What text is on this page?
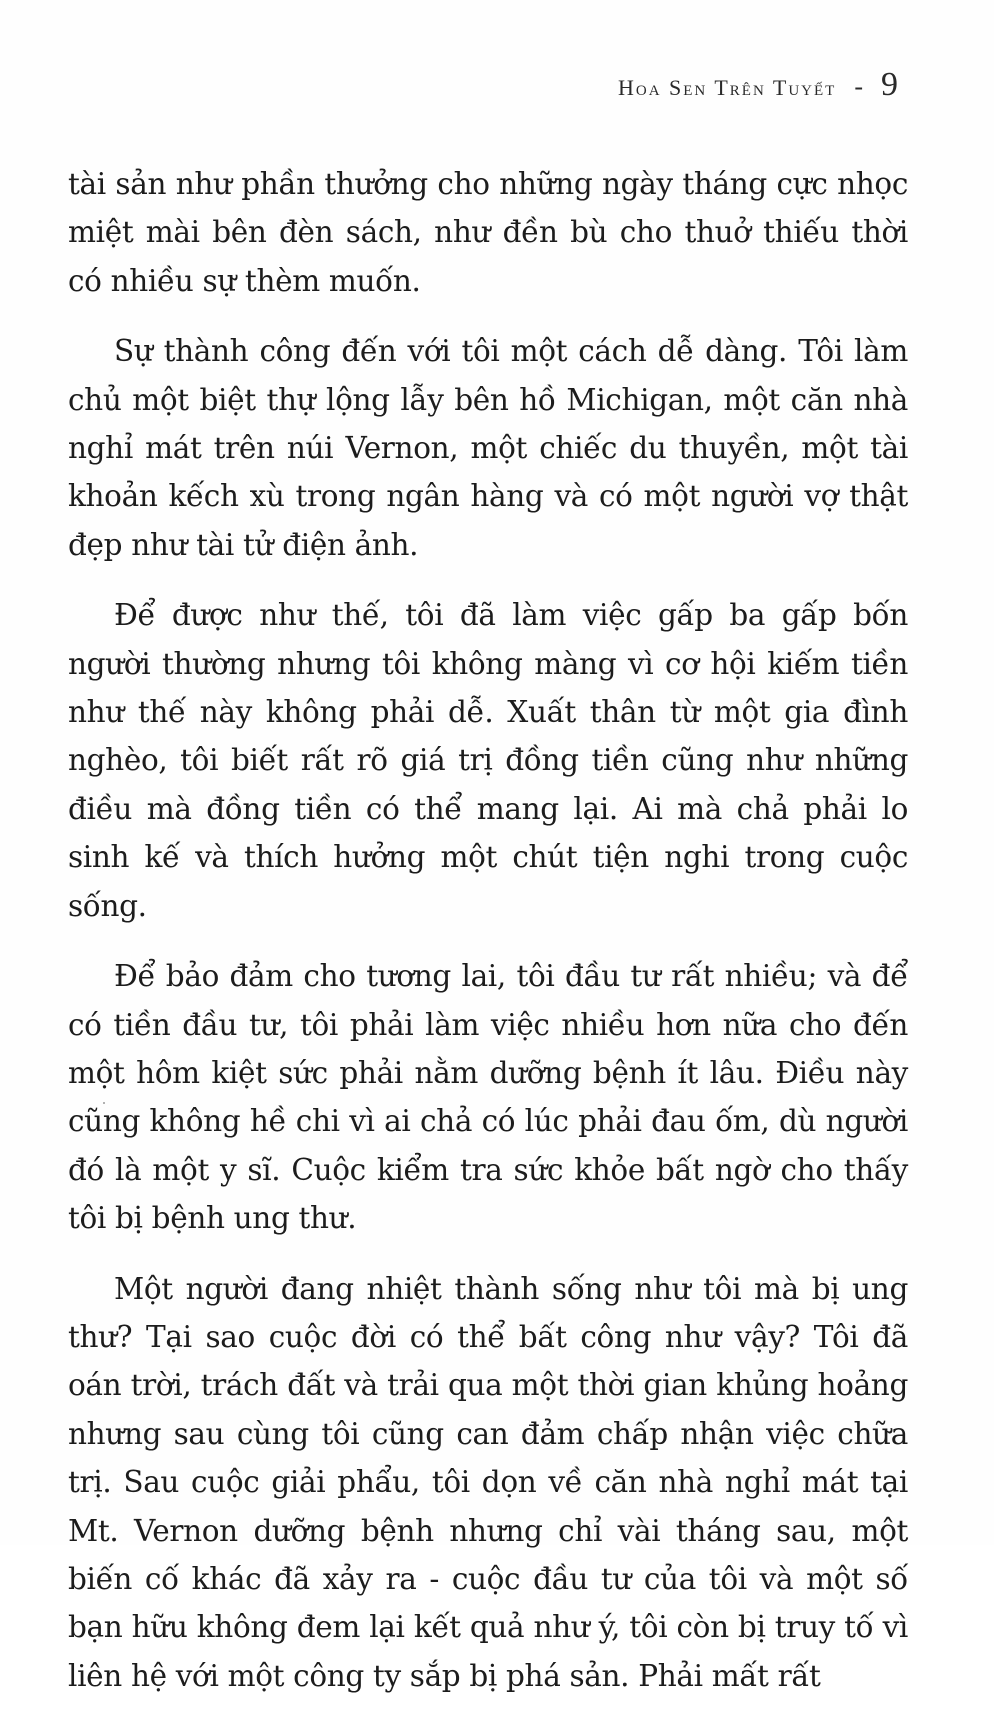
Hoa Sen Trên Tuyết - 9

tài sản như phần thưởng cho những ngày tháng cực nhọc miệt mài bên đèn sách, như đền bù cho thuở thiếu thời có nhiều sự thèm muốn.

Sự thành công đến với tôi một cách dễ dàng. Tôi làm chủ một biệt thự lộng lẫy bên hồ Michigan, một căn nhà nghỉ mát trên núi Vernon, một chiếc du thuyền, một tài khoản kếch xù trong ngân hàng và có một người vợ thật đẹp như tài tử điện ảnh.

Để được như thế, tôi đã làm việc gấp ba gấp bốn người thường nhưng tôi không màng vì cơ hội kiếm tiền như thế này không phải dễ. Xuất thân từ một gia đình nghèo, tôi biết rất rõ giá trị đồng tiền cũng như những điều mà đồng tiền có thể mang lại. Ai mà chả phải lo sinh kế và thích hưởng một chút tiện nghi trong cuộc sống.

Để bảo đảm cho tương lai, tôi đầu tư rất nhiều; và để có tiền đầu tư, tôi phải làm việc nhiều hơn nữa cho đến một hôm kiệt sức phải nằm dưỡng bệnh ít lâu. Điều này cũng không hề chi vì ai chả có lúc phải đau ốm, dù người đó là một y sĩ. Cuộc kiểm tra sức khỏe bất ngờ cho thấy tôi bị bệnh ung thư.

Một người đang nhiệt thành sống như tôi mà bị ung thư? Tại sao cuộc đời có thể bất công như vậy? Tôi đã oán trời, trách đất và trải qua một thời gian khủng hoảng nhưng sau cùng tôi cũng can đảm chấp nhận việc chữa trị. Sau cuộc giải phẩu, tôi dọn về căn nhà nghỉ mát tại Mt. Vernon dưỡng bệnh nhưng chỉ vài tháng sau, một biến cố khác đã xảy ra - cuộc đầu tư của tôi và một số bạn hữu không đem lại kết quả như ý, tôi còn bị truy tố vì liên hệ với một công ty sắp bị phá sản. Phải mất rất
